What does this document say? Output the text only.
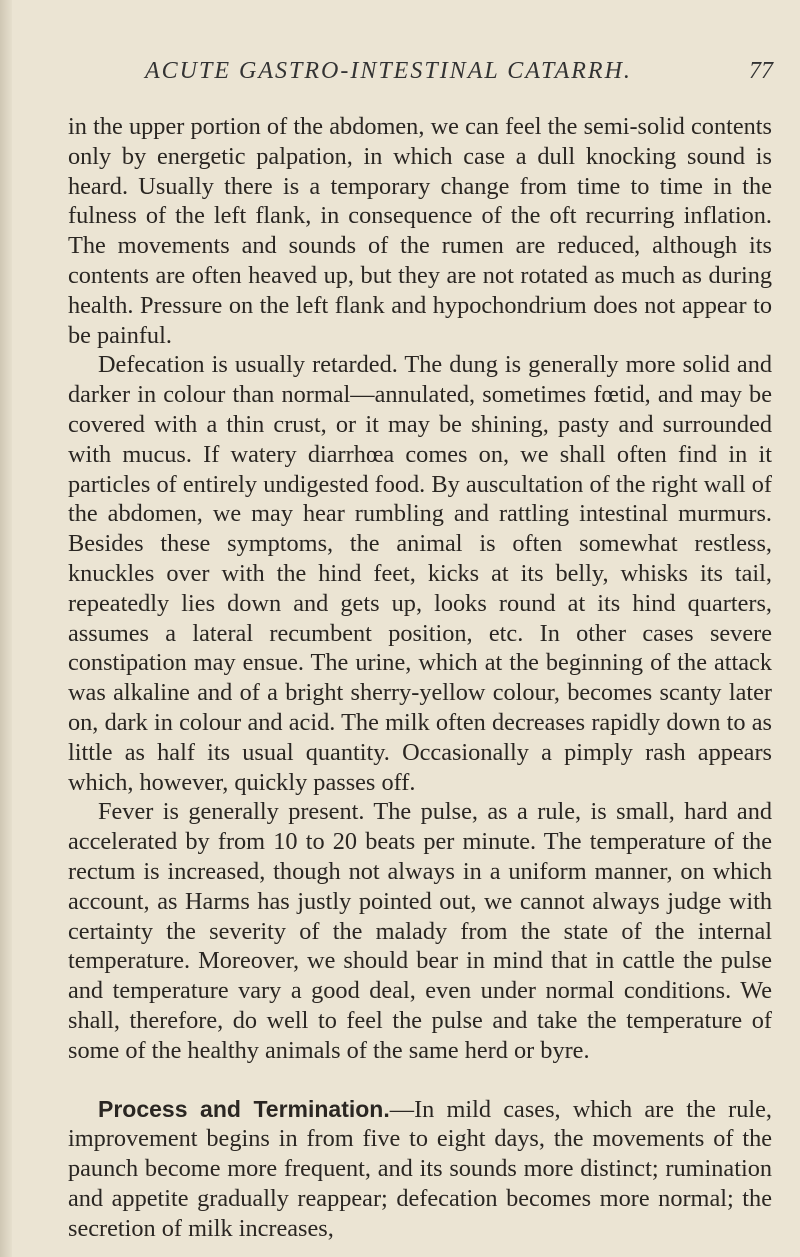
ACUTE GASTRO-INTESTINAL CATARRH.	77

in the upper portion of the abdomen, we can feel the semi-solid contents only by energetic palpation, in which case a dull knocking sound is heard. Usually there is a temporary change from time to time in the fulness of the left flank, in consequence of the oft recurring inflation. The movements and sounds of the rumen are reduced, although its contents are often heaved up, but they are not rotated as much as during health. Pressure on the left flank and hypochondrium does not appear to be painful.

Defecation is usually retarded. The dung is generally more solid and darker in colour than normal—annulated, sometimes fœtid, and may be covered with a thin crust, or it may be shining, pasty and surrounded with mucus. If watery diarrhœa comes on, we shall often find in it particles of entirely undigested food. By auscultation of the right wall of the abdomen, we may hear rumbling and rattling intestinal murmurs. Besides these symptoms, the animal is often somewhat restless, knuckles over with the hind feet, kicks at its belly, whisks its tail, repeatedly lies down and gets up, looks round at its hind quarters, assumes a lateral recumbent position, etc. In other cases severe constipation may ensue. The urine, which at the beginning of the attack was alkaline and of a bright sherry-yellow colour, becomes scanty later on, dark in colour and acid. The milk often decreases rapidly down to as little as half its usual quantity. Occasionally a pimply rash appears which, however, quickly passes off.

Fever is generally present. The pulse, as a rule, is small, hard and accelerated by from 10 to 20 beats per minute. The temperature of the rectum is increased, though not always in a uniform manner, on which account, as Harms has justly pointed out, we cannot always judge with certainty the severity of the malady from the state of the internal temperature. Moreover, we should bear in mind that in cattle the pulse and temperature vary a good deal, even under normal conditions. We shall, therefore, do well to feel the pulse and take the temperature of some of the healthy animals of the same herd or byre.

Process and Termination.—In mild cases, which are the rule, improvement begins in from five to eight days, the movements of the paunch become more frequent, and its sounds more distinct; rumination and appetite gradually reappear; defecation becomes more normal; the secretion of milk increases,
